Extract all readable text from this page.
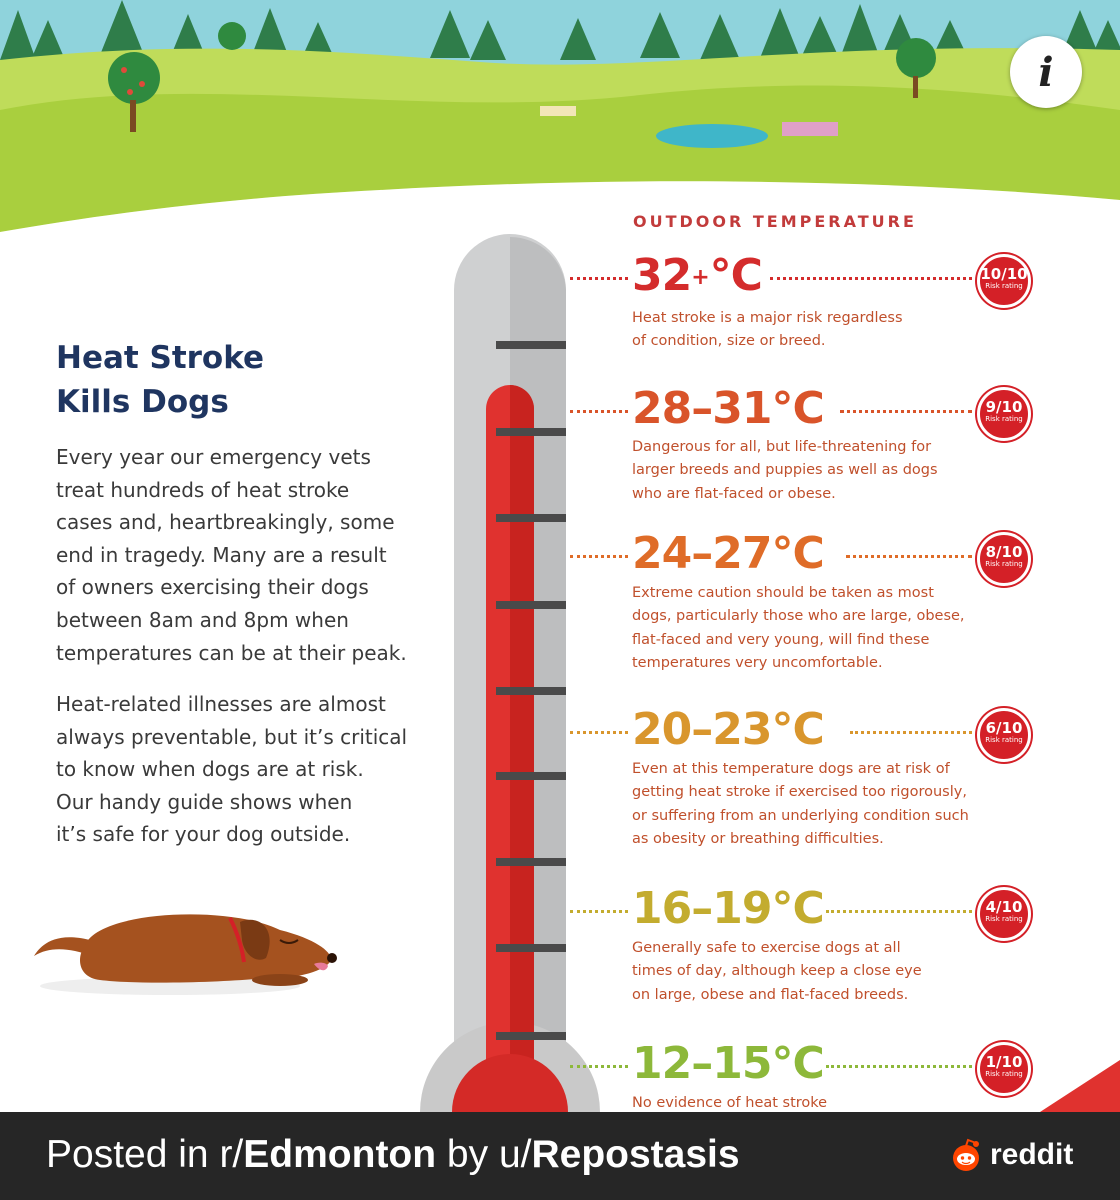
i
Heat Stroke
Kills Dogs
Every year our emergency vets
treat hundreds of heat stroke
cases and, heartbreakingly, some
end in tragedy. Many are a result
of owners exercising their dogs
between 8am and 8pm when
temperatures can be at their peak.
Heat-related illnesses are almost
always preventable, but it’s critical
to know when dogs are at risk.
Our handy guide shows when
it’s safe for your dog outside.
OUTDOOR TEMPERATURE
32+°C
Heat stroke is a major risk regardless
of condition, size or breed.
10/10
Risk rating
28–31°C
Dangerous for all, but life-threatening for
larger breeds and puppies as well as dogs
who are flat-faced or obese.
9/10
Risk rating
24–27°C
Extreme caution should be taken as most
dogs, particularly those who are large, obese,
flat-faced and very young, will find these
temperatures very uncomfortable.
8/10
Risk rating
20–23°C
Even at this temperature dogs are at risk of
getting heat stroke if exercised too rigorously,
or suffering from an underlying condition such
as obesity or breathing difficulties.
6/10
Risk rating
16–19°C
Generally safe to exercise dogs at all
times of day, although keep a close eye
on large, obese and flat-faced breeds.
4/10
Risk rating
12–15°C
No evidence of heat stroke
1/10
Risk rating
Posted in r/Edmonton by u/Repostasis	reddit
